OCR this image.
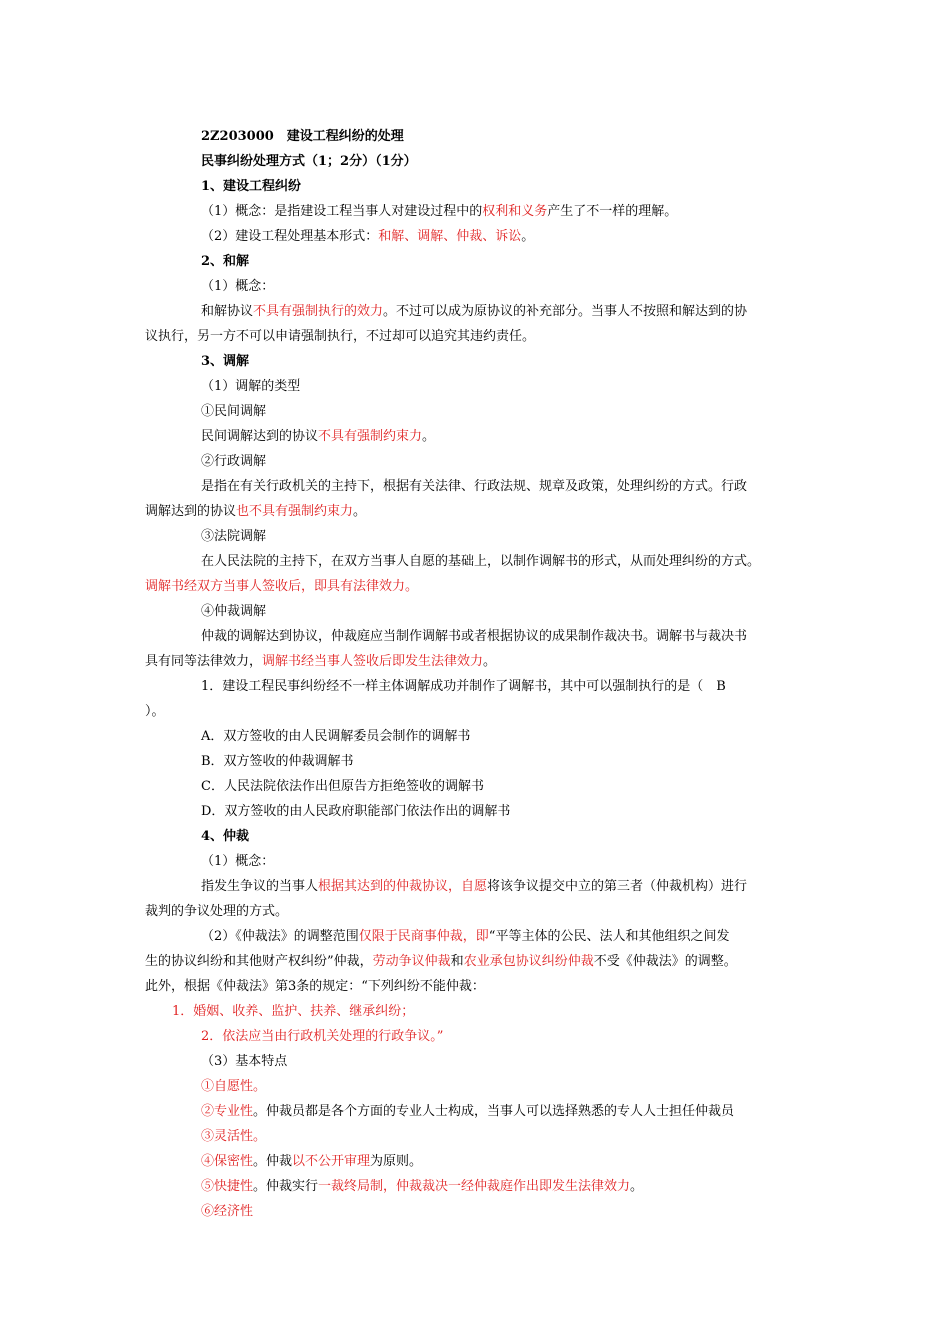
2Z203000　建设工程纠纷的处理
民事纠纷处理方式（1；2分）（1分）
1、建设工程纠纷
（1）概念：是指建设工程当事人对建设过程中的权利和义务产生了不一样的理解。
（2）建设工程处理基本形式：和解、调解、仲裁、诉讼。
2、和解
（1）概念：
和解协议不具有强制执行的效力。不过可以成为原协议的补充部分。当事人不按照和解达到的协
议执行，另一方不可以申请强制执行，不过却可以追究其违约责任。
3、调解
（1）调解的类型
①民间调解
民间调解达到的协议不具有强制约束力。
②行政调解
是指在有关行政机关的主持下，根据有关法律、行政法规、规章及政策，处理纠纷的方式。行政
调解达到的协议也不具有强制约束力。
③法院调解
在人民法院的主持下，在双方当事人自愿的基础上，以制作调解书的形式，从而处理纠纷的方式。
调解书经双方当事人签收后，即具有法律效力。
④仲裁调解
仲裁的调解达到协议，仲裁庭应当制作调解书或者根据协议的成果制作裁决书。调解书与裁决书
具有同等法律效力，调解书经当事人签收后即发生法律效力。
1．建设工程民事纠纷经不一样主体调解成功并制作了调解书，其中可以强制执行的是（　B
）。
A．双方签收的由人民调解委员会制作的调解书
B．双方签收的仲裁调解书
C．人民法院依法作出但原告方拒绝签收的调解书
D．双方签收的由人民政府职能部门依法作出的调解书
4、仲裁
（1）概念：
指发生争议的当事人根据其达到的仲裁协议，自愿将该争议提交中立的第三者（仲裁机构）进行
裁判的争议处理的方式。
（2）《仲裁法》的调整范围仅限于民商事仲裁，即“平等主体的公民、法人和其他组织之间发
生的协议纠纷和其他财产权纠纷”仲裁，劳动争议仲裁和农业承包协议纠纷仲裁不受《仲裁法》的调整。
此外，根据《仲裁法》第3条的规定：“下列纠纷不能仲裁：
1．婚姻、收养、监护、扶养、继承纠纷；
2．依法应当由行政机关处理的行政争议。”
（3）基本特点
①自愿性。
②专业性。仲裁员都是各个方面的专业人士构成，当事人可以选择熟悉的专人人士担任仲裁员
③灵活性。
④保密性。仲裁以不公开审理为原则。
⑤快捷性。仲裁实行一裁终局制，仲裁裁决一经仲裁庭作出即发生法律效力。
⑥经济性
